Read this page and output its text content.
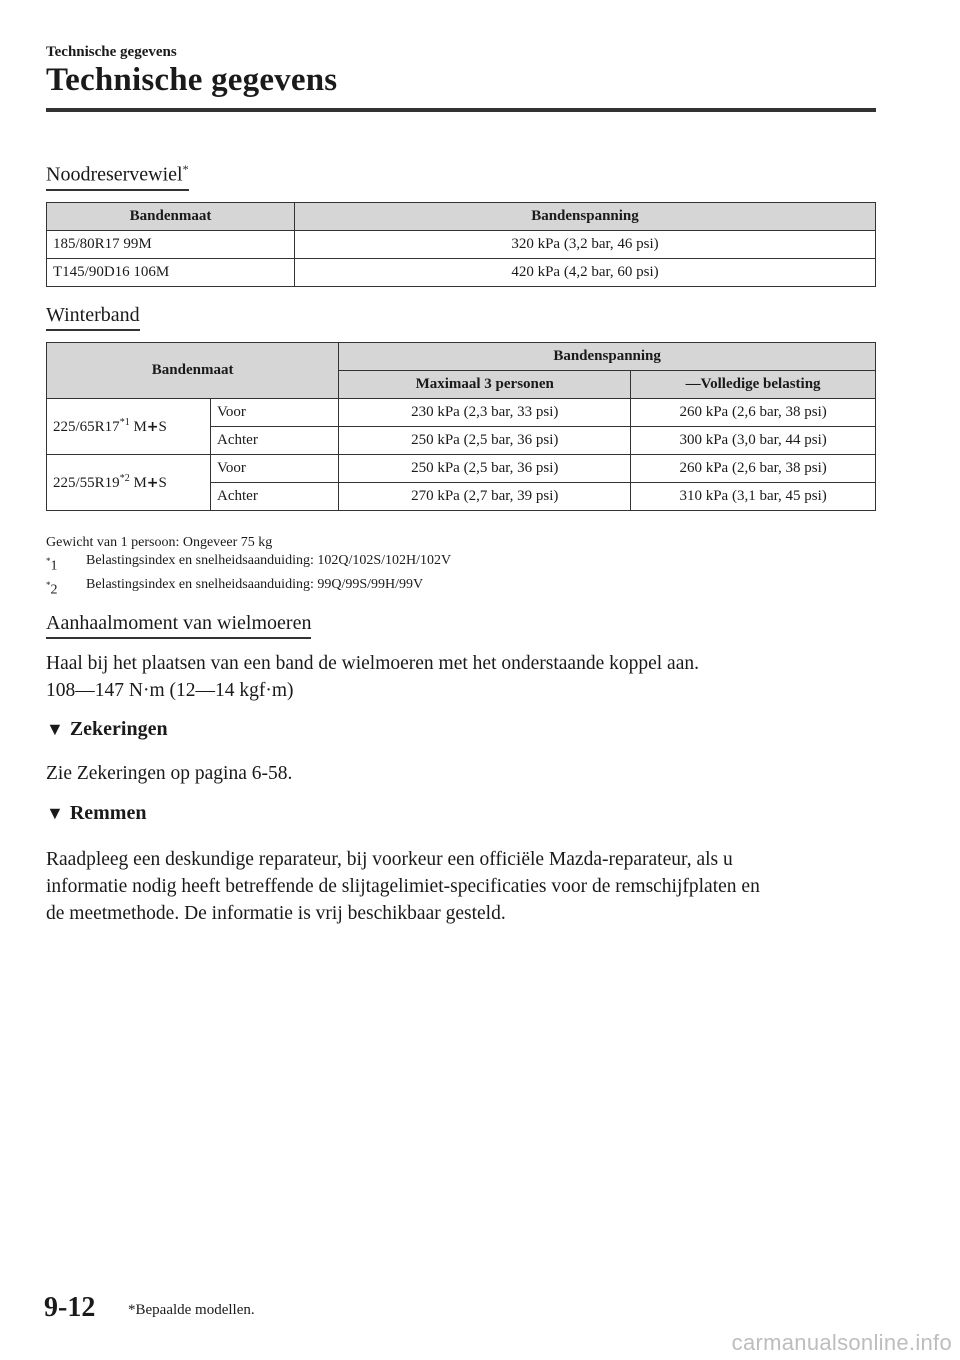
Technische gegevens
Technische gegevens
Noodreservewiel*
Bandenmaat	Bandenspanning
185/80R17 99M	320 kPa (3,2 bar, 46 psi)
T145/90D16 106M	420 kPa (4,2 bar, 60 psi)
Winterband
Bandenmaat		Bandenspanning	
		Maximaal 3 personen	―Volledige belasting
225/65R17$^{*1}$ M+S	Voor	230 kPa (2,3 bar, 33 psi)	260 kPa (2,6 bar, 38 psi)
	Achter	250 kPa (2,5 bar, 36 psi)	300 kPa (3,0 bar, 44 psi)
225/55R19$^{*2}$ M+S	Voor	250 kPa (2,5 bar, 36 psi)	260 kPa (2,6 bar, 38 psi)
	Achter	270 kPa (2,7 bar, 39 psi)	310 kPa (3,1 bar, 45 psi)
Gewicht van 1 persoon: Ongeveer 75 kg
*1	Belastingsindex en snelheidsaanduiding: 102Q/102S/102H/102V
*2	Belastingsindex en snelheidsaanduiding: 99Q/99S/99H/99V
Aanhaalmoment van wielmoeren

Haal bij het plaatsen van een band de wielmoeren met het onderstaande koppel aan.

108―147 N·m (12―14 kgf·m)

▼ Zekeringen

Zie Zekeringen op pagina 6-58.

▼ Remmen

Raadpleeg een deskundige reparateur, bij voorkeur een officiële Mazda-reparateur, als u

informatie nodig heeft betreffende de slijtagelimiet-specificaties voor de remschijfplaten en

de meetmethode. De informatie is vrij beschikbaar gesteld.

9-12 *Bepaalde modellen.
carmanualsonline.info
